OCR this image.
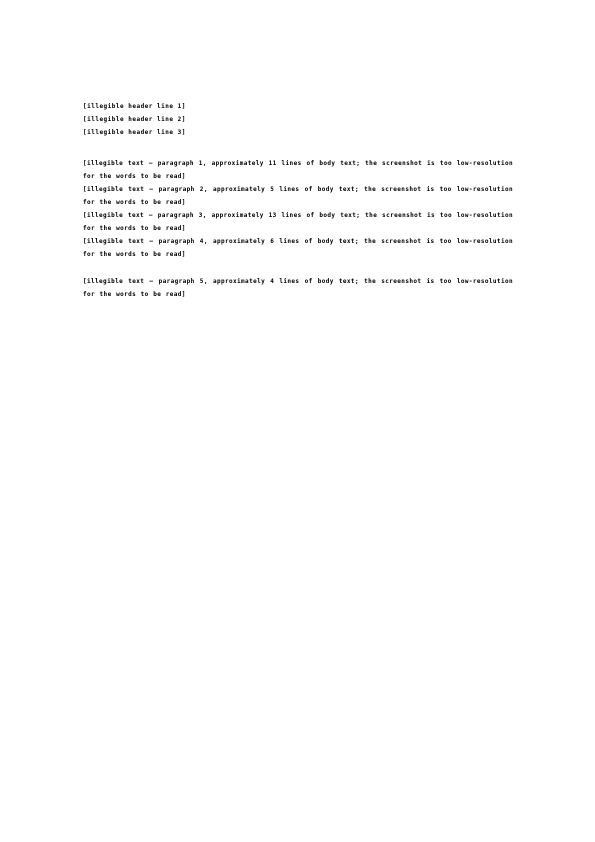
[illegible header line 1]
[illegible header line 2]
[illegible header line 3]

[illegible text — paragraph 1, approximately 11 lines of body text; the screenshot is too low-resolution for the words to be read]

[illegible text — paragraph 2, approximately 5 lines of body text; the screenshot is too low-resolution for the words to be read]

[illegible text — paragraph 3, approximately 13 lines of body text; the screenshot is too low-resolution for the words to be read]

[illegible text — paragraph 4, approximately 6 lines of body text; the screenshot is too low-resolution for the words to be read]

[illegible text — paragraph 5, approximately 4 lines of body text; the screenshot is too low-resolution for the words to be read]
